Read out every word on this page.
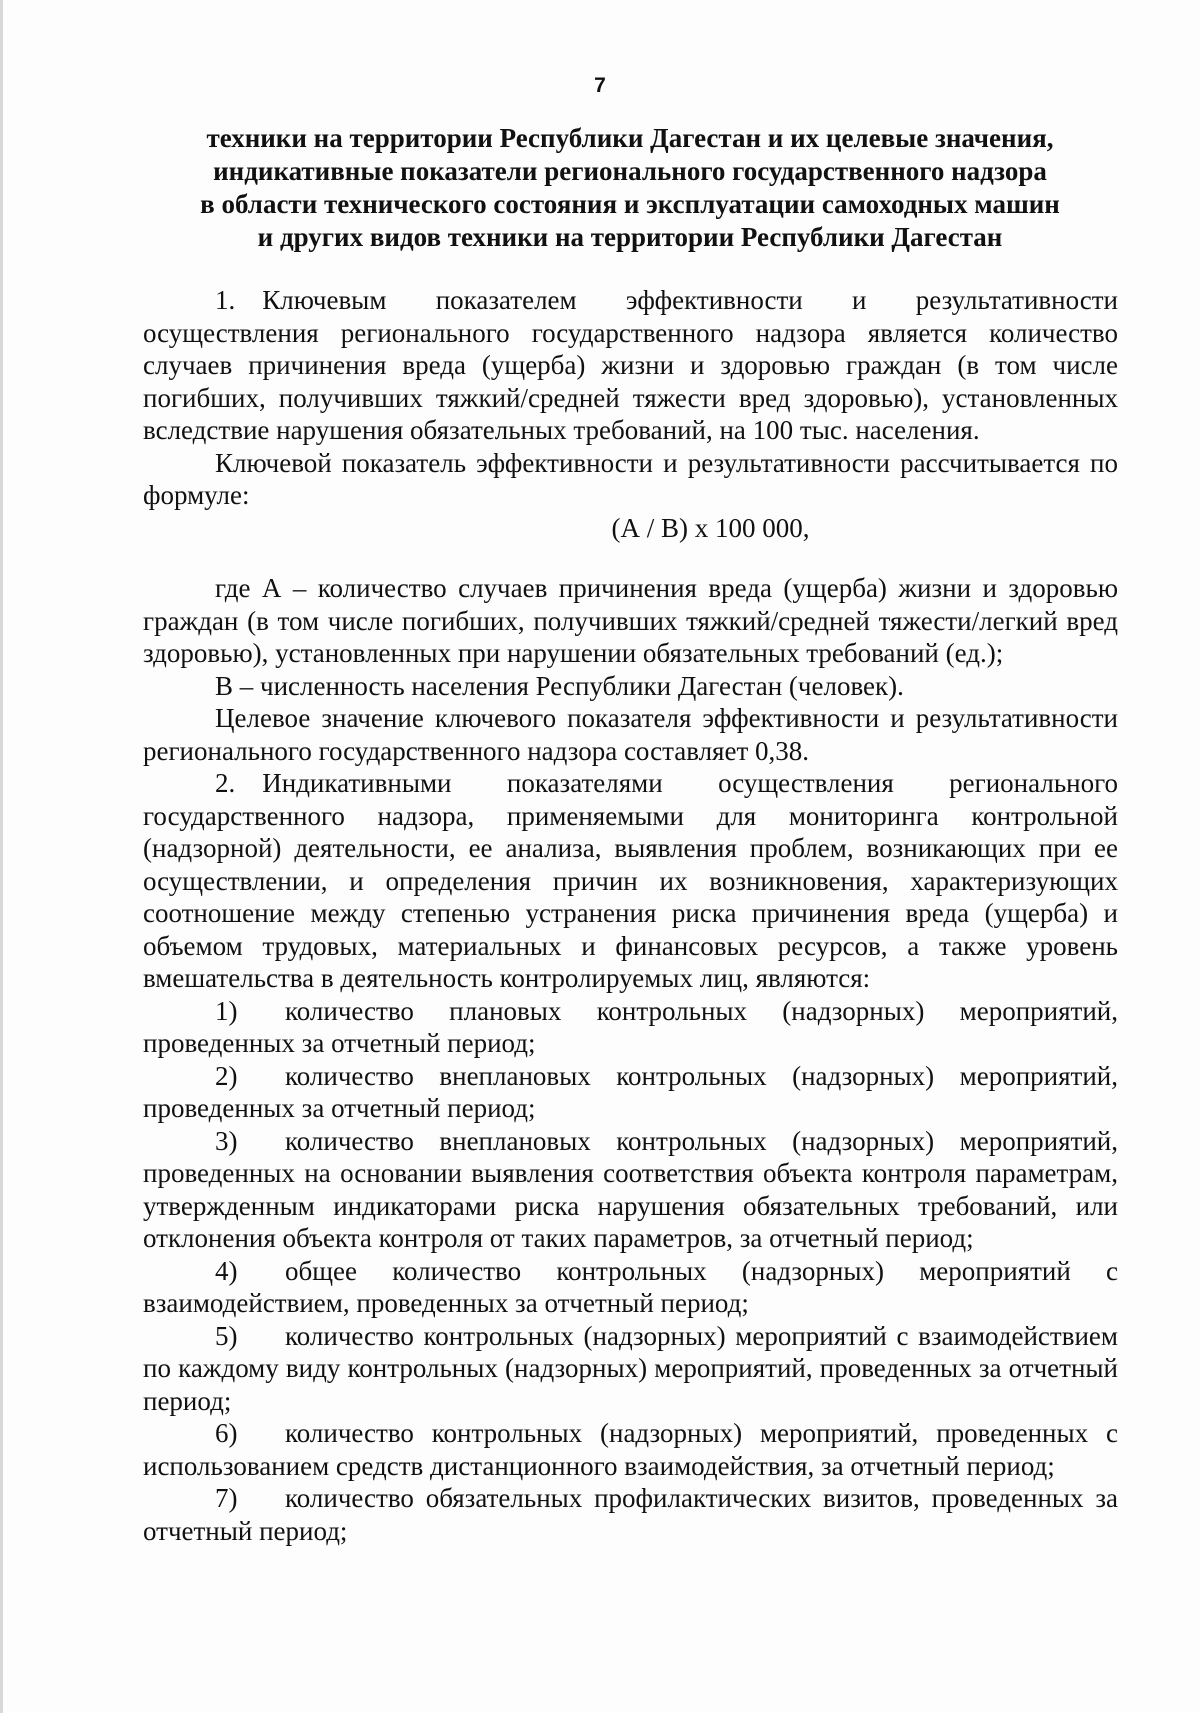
7
техники на территории Республики Дагестан и их целевые значения,
индикативные показатели регионального государственного надзора
в области технического состояния и эксплуатации самоходных машин
и других видов техники на территории Республики Дагестан

1. Ключевым показателем эффективности и результативности осуществления регионального государственного надзора является количество случаев причинения вреда (ущерба) жизни и здоровью граждан (в том числе погибших, получивших тяжкий/средней тяжести вред здоровью), установленных вследствие нарушения обязательных требований, на 100 тыс. населения.

Ключевой показатель эффективности и результативности рассчитывается по формуле:

(А / В) х 100 000,

где А – количество случаев причинения вреда (ущерба) жизни и здоровью граждан (в том числе погибших, получивших тяжкий/средней тяжести/легкий вред здоровью), установленных при нарушении обязательных требований (ед.);

В – численность населения Республики Дагестан (человек).

Целевое значение ключевого показателя эффективности и результативности регионального государственного надзора составляет 0,38.

2. Индикативными показателями осуществления регионального государственного надзора, применяемыми для мониторинга контрольной (надзорной) деятельности, ее анализа, выявления проблем, возникающих при ее осуществлении, и определения причин их возникновения, характеризующих соотношение между степенью устранения риска причинения вреда (ущерба) и объемом трудовых, материальных и финансовых ресурсов, а также уровень вмешательства в деятельность контролируемых лиц, являются:

1) количество плановых контрольных (надзорных) мероприятий, проведенных за отчетный период;

2) количество внеплановых контрольных (надзорных) мероприятий, проведенных за отчетный период;

3) количество внеплановых контрольных (надзорных) мероприятий, проведенных на основании выявления соответствия объекта контроля параметрам, утвержденным индикаторами риска нарушения обязательных требований, или отклонения объекта контроля от таких параметров, за отчетный период;

4) общее количество контрольных (надзорных) мероприятий с взаимодействием, проведенных за отчетный период;

5) количество контрольных (надзорных) мероприятий с взаимодействием по каждому виду контрольных (надзорных) мероприятий, проведенных за отчетный период;

6) количество контрольных (надзорных) мероприятий, проведенных с использованием средств дистанционного взаимодействия, за отчетный период;

7) количество обязательных профилактических визитов, проведенных за отчетный период;
